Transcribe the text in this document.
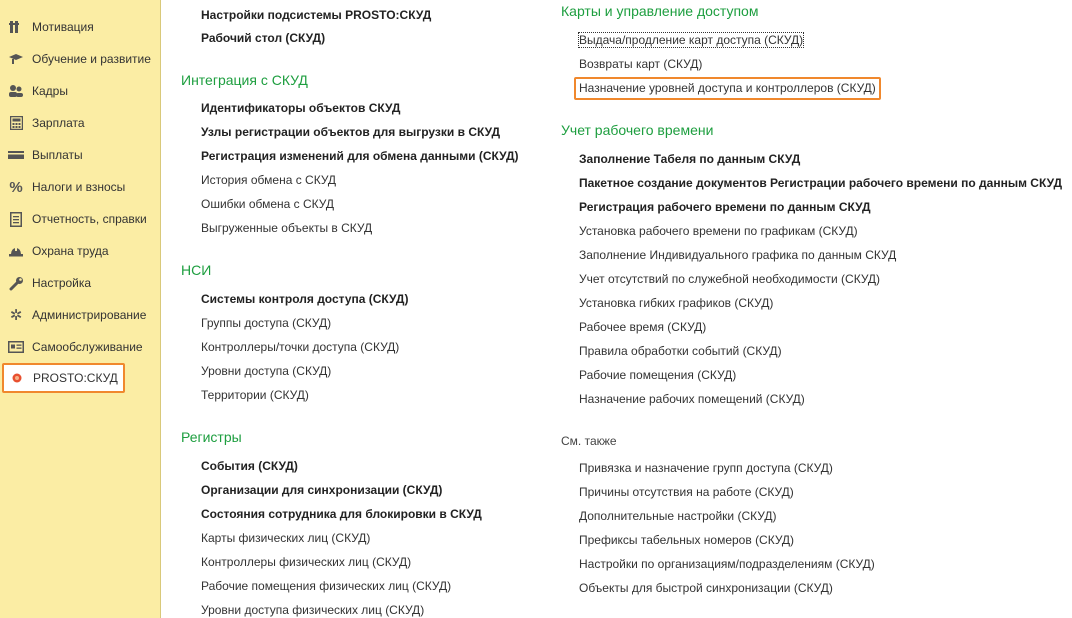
Мотивация
Обучение и развитие
Кадры
Зарплата
Выплаты
% Налоги и взносы
Отчетность, справки
Охрана труда
Настройка
✲ Администрирование
Самообслуживание
PROSTO:СКУД
Настройки подсистемы PROSTO:СКУД
Рабочий стол (СКУД)
Интеграция с СКУД
Идентификаторы объектов СКУД
Узлы регистрации объектов для выгрузки в СКУД
Регистрация изменений для обмена данными (СКУД)
История обмена с СКУД
Ошибки обмена с СКУД
Выгруженные объекты в СКУД
НСИ
Системы контроля доступа (СКУД)
Группы доступа (СКУД)
Контроллеры/точки доступа (СКУД)
Уровни доступа (СКУД)
Территории (СКУД)
Регистры
События (СКУД)
Организации для синхронизации (СКУД)
Состояния сотрудника для блокировки в СКУД
Карты физических лиц (СКУД)
Контроллеры физических лиц (СКУД)
Рабочие помещения физических лиц (СКУД)
Уровни доступа физических лиц (СКУД)
Карты и управление доступом
Выдача/продление карт доступа (СКУД)
Возвраты карт (СКУД)
Назначение уровней доступа и контроллеров (СКУД)
Учет рабочего времени
Заполнение Табеля по данным СКУД
Пакетное создание документов Регистрации рабочего времени по данным СКУД
Регистрация рабочего времени по данным СКУД
Установка рабочего времени по графикам (СКУД)
Заполнение Индивидуального графика по данным СКУД
Учет отсутствий по служебной необходимости (СКУД)
Установка гибких графиков (СКУД)
Рабочее время (СКУД)
Правила обработки событий (СКУД)
Рабочие помещения (СКУД)
Назначение рабочих помещений (СКУД)
См. также
Привязка и назначение групп доступа (СКУД)
Причины отсутствия на работе (СКУД)
Дополнительные настройки (СКУД)
Префиксы табельных номеров (СКУД)
Настройки по организациям/подразделениям (СКУД)
Объекты для быстрой синхронизации (СКУД)
